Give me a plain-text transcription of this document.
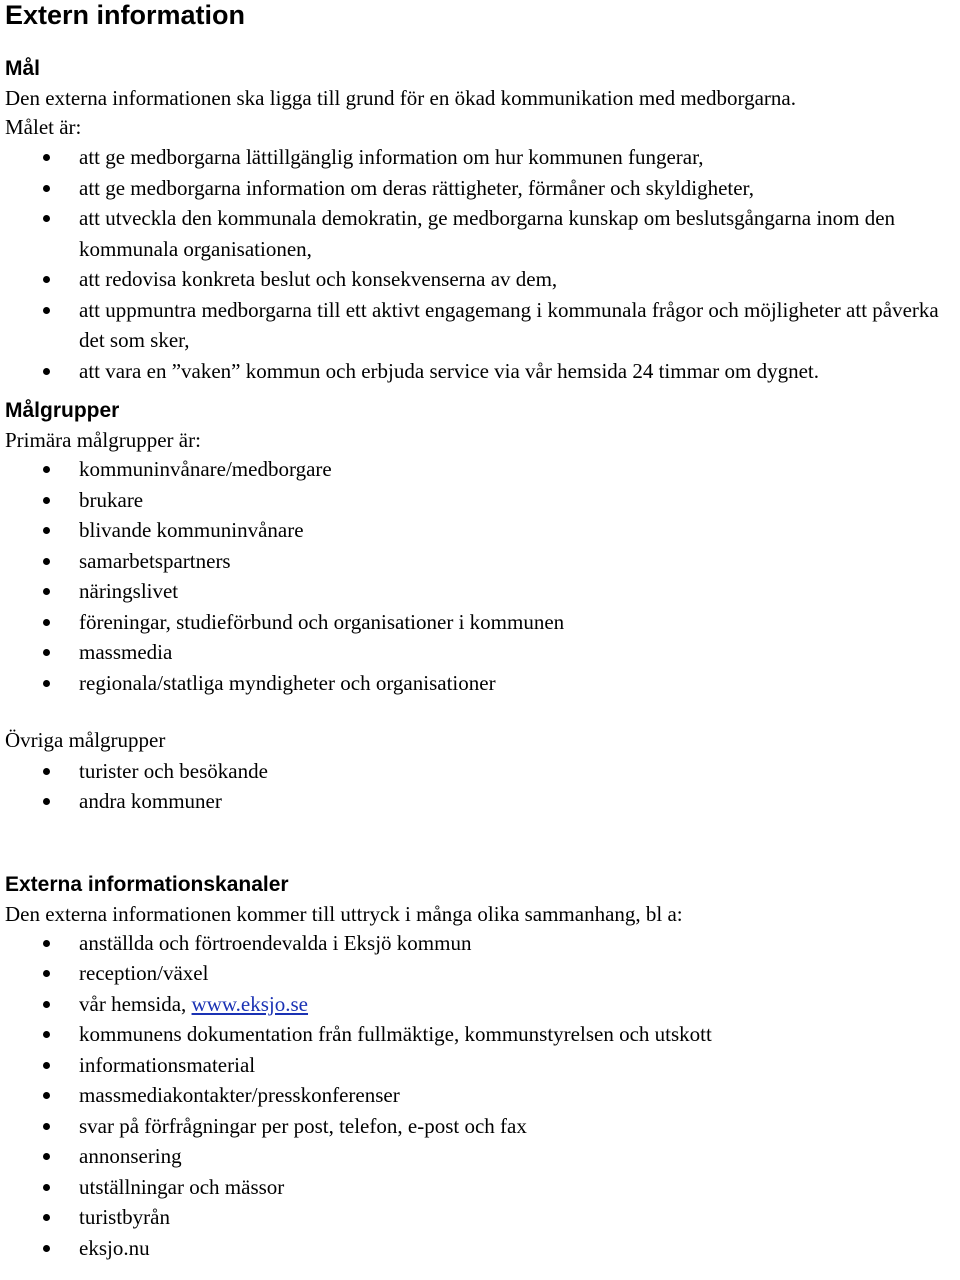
Extern information
Mål

Den externa informationen ska ligga till grund för en ökad kommunikation med medborgarna.

Målet är:

att ge medborgarna lättillgänglig information om hur kommunen fungerar,
att ge medborgarna information om deras rättigheter, förmåner och skyldigheter,
att utveckla den kommunala demokratin, ge medborgarna kunskap om beslutsgångarna inom den kommunala organisationen,
att redovisa konkreta beslut och konsekvenserna av dem,
att uppmuntra medborgarna till ett aktivt engagemang i kommunala frågor och möjligheter att påverka det som sker,
att vara en ”vaken” kommun och erbjuda service via vår hemsida 24 timmar om dygnet.
Målgrupper

Primära målgrupper är:

kommuninvånare/medborgare
brukare
blivande kommuninvånare
samarbetspartners
näringslivet
föreningar, studieförbund och organisationer i kommunen
massmedia
regionala/statliga myndigheter och organisationer

Övriga målgrupper

turister och besökande
andra kommuner
Externa informationskanaler

Den externa informationen kommer till uttryck i många olika sammanhang, bl a:

anställda och förtroendevalda i Eksjö kommun
reception/växel
vår hemsida, www.eksjo.se
kommunens dokumentation från fullmäktige, kommunstyrelsen och utskott
informationsmaterial
massmediakontakter/presskonferenser
svar på förfrågningar per post, telefon, e-post och fax
annonsering
utställningar och mässor
turistbyrån
eksjo.nu
